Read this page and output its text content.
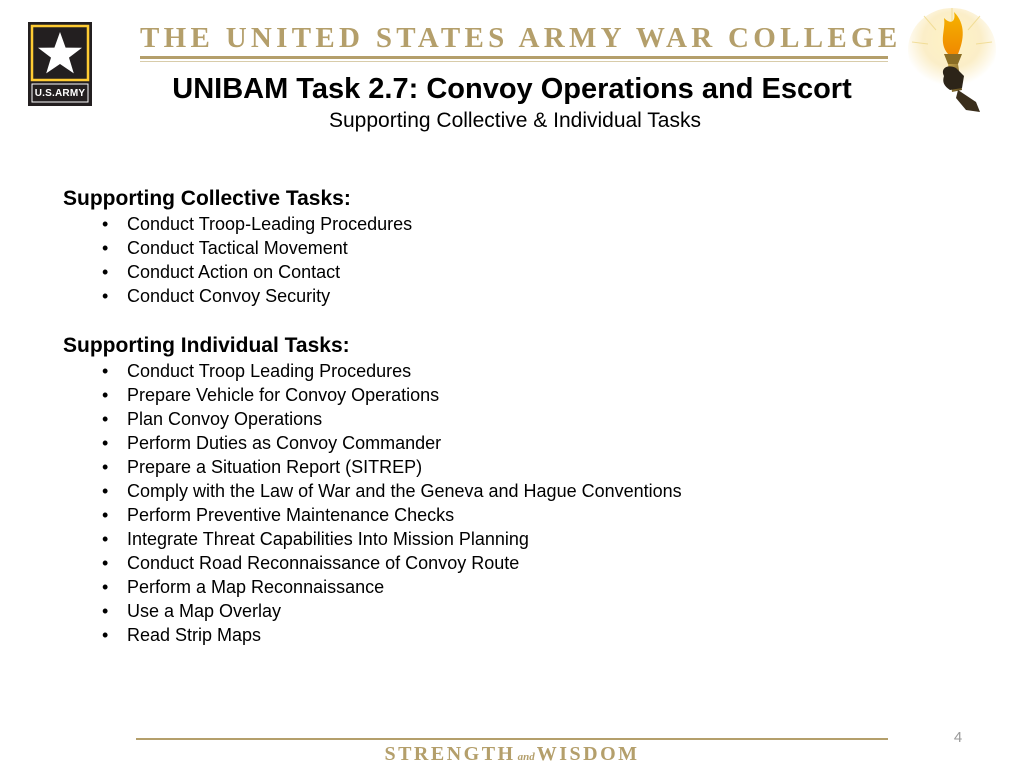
U.S.ARMY
THE UNITED STATES ARMY WAR COLLEGE
UNIBAM Task 2.7: Convoy Operations and Escort
Supporting Collective & Individual Tasks
Supporting Collective Tasks:
• Conduct Troop-Leading Procedures
• Conduct Tactical Movement
• Conduct Action on Contact
• Conduct Convoy Security
Supporting Individual Tasks:
• Conduct Troop Leading Procedures
• Prepare Vehicle for Convoy Operations
• Plan Convoy Operations
• Perform Duties as Convoy Commander
• Prepare a Situation Report (SITREP)
• Comply with the Law of War and the Geneva and Hague Conventions
• Perform Preventive Maintenance Checks
• Integrate Threat Capabilities Into Mission Planning
• Conduct Road Reconnaissance of Convoy Route
• Perform a Map Reconnaissance
• Use a Map Overlay
• Read Strip Maps
4
STRENGTH and WISDOM
